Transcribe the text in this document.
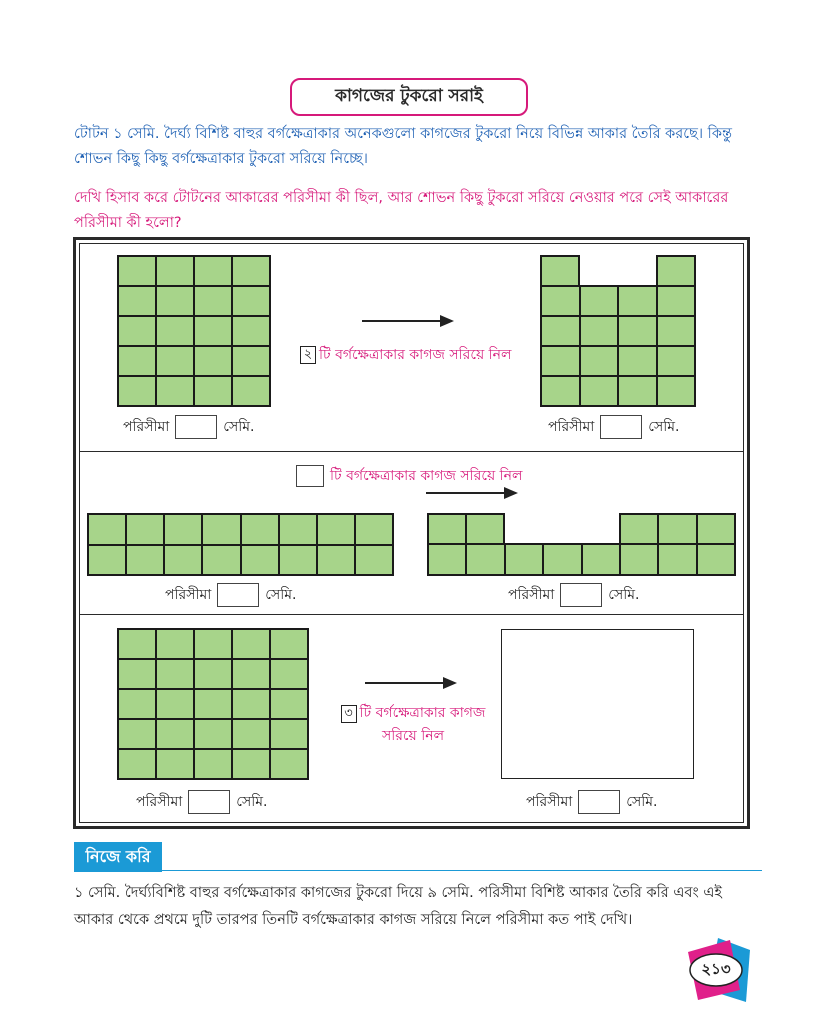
কাগজের টুকরো সরাই
টোটন ১ সেমি. দৈর্ঘ্য বিশিষ্ট বাহুর বর্গক্ষেত্রাকার অনেকগুলো কাগজের টুকরো নিয়ে বিভিন্ন আকার তৈরি করছে। কিন্তু শোভন কিছু কিছু বর্গক্ষেত্রাকার টুকরো সরিয়ে নিচ্ছে।
দেখি হিসাব করে টোটনের আকারের পরিসীমা কী ছিল, আর শোভন কিছু টুকরো সরিয়ে নেওয়ার পরে সেই আকারের পরিসীমা কী হলো?
২ টি বর্গক্ষেত্রাকার কাগজ সরিয়ে নিল
পরিসীমা	সেমি.	পরিসীমা	সেমি.
টি বর্গক্ষেত্রাকার কাগজ সরিয়ে নিল
পরিসীমা	সেমি.	পরিসীমা	সেমি.
৩ টি বর্গক্ষেত্রাকার কাগজ
সরিয়ে নিল
পরিসীমা	সেমি.	পরিসীমা	সেমি.
নিজে করি
১ সেমি. দৈর্ঘ্যবিশিষ্ট বাহুর বর্গক্ষেত্রাকার কাগজের টুকরো দিয়ে ৯ সেমি. পরিসীমা বিশিষ্ট আকার তৈরি করি এবং এই আকার থেকে প্রথমে দুটি তারপর তিনটি বর্গক্ষেত্রাকার কাগজ সরিয়ে নিলে পরিসীমা কত পাই দেখি।
২১৩
